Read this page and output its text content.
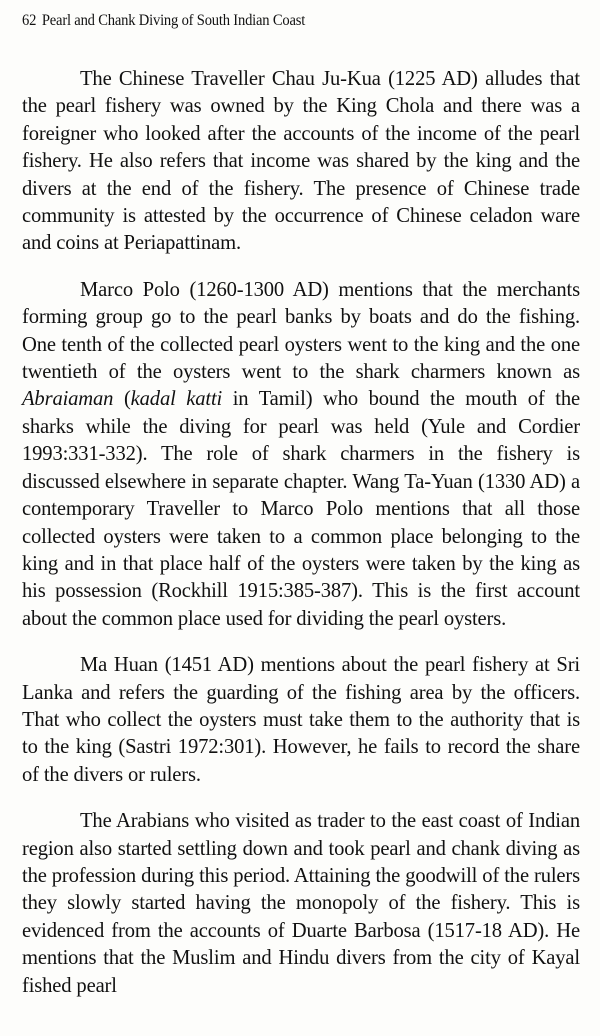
62 Pearl and Chank Diving of South Indian Coast

The Chinese Traveller Chau Ju-Kua (1225 AD) alludes that the pearl fishery was owned by the King Chola and there was a foreigner who looked after the accounts of the income of the pearl fishery. He also refers that income was shared by the king and the divers at the end of the fishery. The presence of Chinese trade community is attested by the occurrence of Chinese celadon ware and coins at Periapattinam.

Marco Polo (1260-1300 AD) mentions that the merchants forming group go to the pearl banks by boats and do the fishing. One tenth of the collected pearl oysters went to the king and the one twentieth of the oysters went to the shark charmers known as Abraiaman (kadal katti in Tamil) who bound the mouth of the sharks while the diving for pearl was held (Yule and Cordier 1993:331-332). The role of shark charmers in the fishery is discussed elsewhere in separate chapter. Wang Ta-Yuan (1330 AD) a contemporary Traveller to Marco Polo mentions that all those collected oysters were taken to a common place belonging to the king and in that place half of the oysters were taken by the king as his possession (Rockhill 1915:385-387). This is the first account about the common place used for dividing the pearl oysters.

Ma Huan (1451 AD) mentions about the pearl fishery at Sri Lanka and refers the guarding of the fishing area by the officers. That who collect the oysters must take them to the authority that is to the king (Sastri 1972:301). However, he fails to record the share of the divers or rulers.

The Arabians who visited as trader to the east coast of Indian region also started settling down and took pearl and chank diving as the profession during this period. Attaining the goodwill of the rulers they slowly started having the monopoly of the fishery. This is evidenced from the accounts of Duarte Barbosa (1517-18 AD). He mentions that the Muslim and Hindu divers from the city of Kayal fished pearl
